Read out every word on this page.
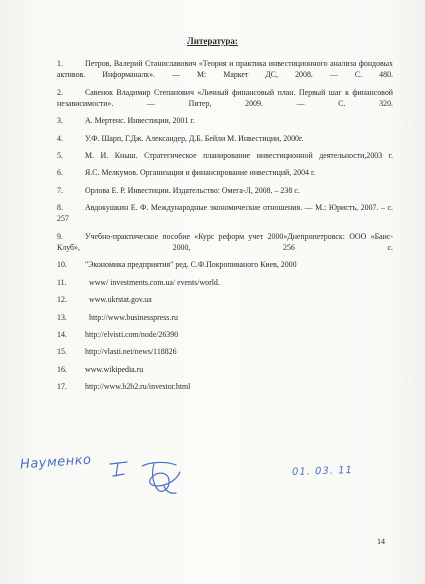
Литература:
1.	Петров, Валерий Станиславович «Теория и практика инвестиционного анализа фондовых активов. Информаналк». — М: Маркет ДС, 2008. — С. 480.
2.	Савенок Владимир Степанович «Личный финансовый план. Первый шаг к финансовой независимости». — Питер, 2009. — С. 320.
3.	А. Мертенс. Инвестиции, 2001 г.
4.	У.Ф. Шарп, Г.Дж. Александер, Д.Б. Бейли М. Инвестиции, 2000г.
5.	М. И. Кныш. Стратегическое планирование инвестиционной деятельности,2003 г.
6.	Я.С. Мелкумов. Организация и финансирование инвестиций, 2004 г.
7.	Орлова Е. Р. Инвестиции. Издательство: Омега-Л, 2008. – 238 с.
8.	Авдокушкин Е. Ф. Международные экономические отношения. — М.: Юристъ, 2007. – с. 257
9.	Учебно-практическое пособие «Курс реформ учет 2000»Днепропетровск: ООО «Баис-Клуб», 2000, 256 с.
10.	"Экономика предприятия" ред. С.Ф.Покропиваного Киев, 2000
11.	www/ investments.com.ua/ events/world.
12.	www.ukrstat.gov.ua
13.	http://www.businesspress.ru
14.	http://elvisti.com/node/26390
15.	http://vlasti.net/news/118826
16.	www.wikipedia.ru
17.	http://www.b2b2.ru/investor.html
Науменко	01. 03. 11
14
